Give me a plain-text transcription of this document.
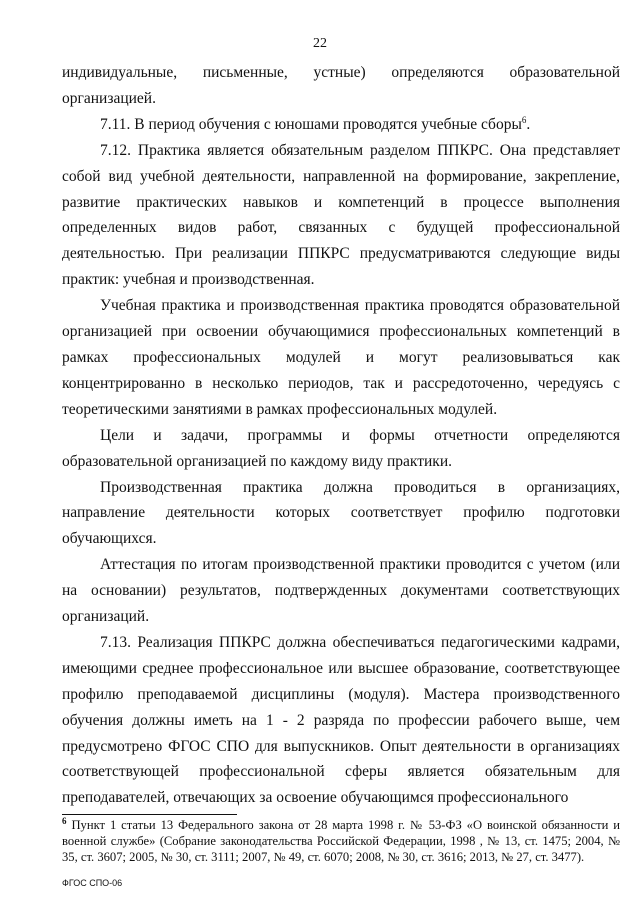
22

индивидуальные, письменные, устные) определяются образовательной организацией.

7.11. В период обучения с юношами проводятся учебные сборы$^6$.

7.12. Практика является обязательным разделом ППКРС. Она представляет собой вид учебной деятельности, направленной на формирование, закрепление, развитие практических навыков и компетенций в процессе выполнения определенных видов работ, связанных с будущей профессиональной деятельностью. При реализации ППКРС предусматриваются следующие виды практик: учебная и производственная.

Учебная практика и производственная практика проводятся образовательной организацией при освоении обучающимися профессиональных компетенций в рамках профессиональных модулей и могут реализовываться как концентрированно в несколько периодов, так и рассредоточенно, чередуясь с теоретическими занятиями в рамках профессиональных модулей.

Цели и задачи, программы и формы отчетности определяются образовательной организацией по каждому виду практики.

Производственная практика должна проводиться в организациях, направление деятельности которых соответствует профилю подготовки обучающихся.

Аттестация по итогам производственной практики проводится с учетом (или на основании) результатов, подтвержденных документами соответствующих организаций.

7.13. Реализация ППКРС должна обеспечиваться педагогическими кадрами, имеющими среднее профессиональное или высшее образование, соответствующее профилю преподаваемой дисциплины (модуля). Мастера производственного обучения должны иметь на 1 - 2 разряда по профессии рабочего выше, чем предусмотрено ФГОС СПО для выпускников. Опыт деятельности в организациях соответствующей профессиональной сферы является обязательным для преподавателей, отвечающих за освоение обучающимся профессионального

$^6$ Пункт 1 статьи 13 Федерального закона от 28 марта 1998 г. № 53-ФЗ «О воинской обязанности и военной службе» (Собрание законодательства Российской Федерации, 1998 , № 13, ст. 1475; 2004, № 35, ст. 3607; 2005, № 30, ст. 3111; 2007, № 49, ст. 6070; 2008, № 30, ст. 3616; 2013, № 27, ст. 3477).
ФГОС СПО-06
